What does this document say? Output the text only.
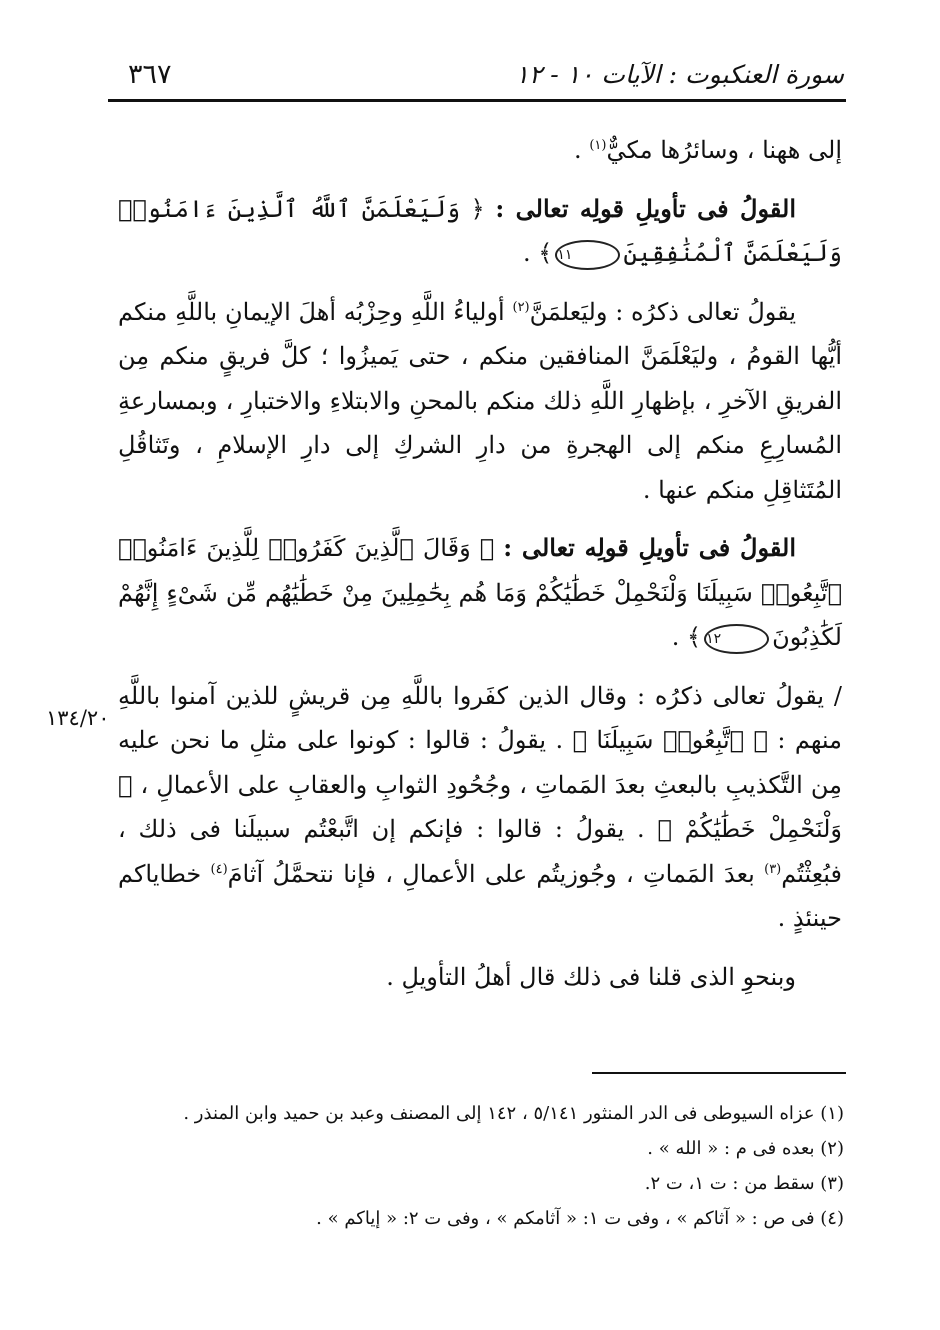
سورة العنكبوت : الآيات ١٠ - ١٢
٣٦٧
١٣٤/٢٠

إلى ههنا ، وسائرُها مكيٌّ$^{(١)}$ .

القولُ فى تأويلِ قولِه تعالى : ﴿ وَلَيَعْلَمَنَّ ٱللَّهُ ٱلَّذِينَ ءَامَنُوا۟ وَلَيَعْلَمَنَّ ٱلْمُنَٰفِقِينَ١١﴾ .

يقولُ تعالى ذكرُه : وليَعلمَنَّ$^{(٢)}$ أولياءُ اللَّهِ وحِزْبُه أهلَ الإيمانِ باللَّهِ منكم أيُّها القومُ ، وليَعْلَمَنَّ المنافقين منكم ، حتى يَميزُوا ؛ كلَّ فريقٍ منكم مِن الفريقِ الآخرِ ، بإظهارِ اللَّهِ ذلك منكم بالمحنِ والابتلاءِ والاختبارِ ، وبمسارعةِ المُسارِعِ منكم إلى الهجرةِ من دارِ الشركِ إلى دارِ الإسلامِ ، وتَثاقُلِ المُتَثاقِلِ منكم عنها .

القولُ فى تأويلِ قولِه تعالى : ﴿ وَقَالَ ٱلَّذِينَ كَفَرُوا۟ لِلَّذِينَ ءَامَنُوا۟ ٱتَّبِعُوا۟ سَبِيلَنَا وَلْنَحْمِلْ خَطَٰيَٰكُمْ وَمَا هُم بِحَٰمِلِينَ مِنْ خَطَٰيَٰهُم مِّن شَىْءٍ إِنَّهُمْ لَكَٰذِبُونَ١٢﴾ .

/ يقولُ تعالى ذكرُه : وقال الذين كفَروا باللَّهِ مِن قريشٍ للذين آمنوا باللَّهِ منهم : ﴿ ٱتَّبِعُوا۟ سَبِيلَنَا ﴾ . يقولُ : قالوا : كونوا على مثلِ ما نحن عليه مِن التَّكذيبِ بالبعثِ بعدَ المَماتِ ، وجُحُودِ الثوابِ والعقابِ على الأعمالِ ، ﴿ وَلْنَحْمِلْ خَطَٰيَٰكُمْ ﴾ . يقولُ : قالوا : فإنكم إن اتَّبعْتُم سبيلَنا فى ذلك ، فبُعِثْتُم$^{(٣)}$ بعدَ المَماتِ ، وجُوزيتُم على الأعمالِ ، فإنا نتحمَّلُ آثامَ$^{(٤)}$ خطاياكم حينئذٍ .

وبنحوِ الذى قلنا فى ذلك قال أهلُ التأويلِ .

(١) عزاه السيوطى فى الدر المنثور ٥/١٤١ ، ١٤٢ إلى المصنف وعبد بن حميد وابن المنذر .

(٢) بعده فى م : « الله » .

(٣) سقط من : ت ١، ت ٢.

(٤) فى ص : « آثاكم » ، وفى ت ١: « آثامكم » ، وفى ت ٢: « إياكم » .
